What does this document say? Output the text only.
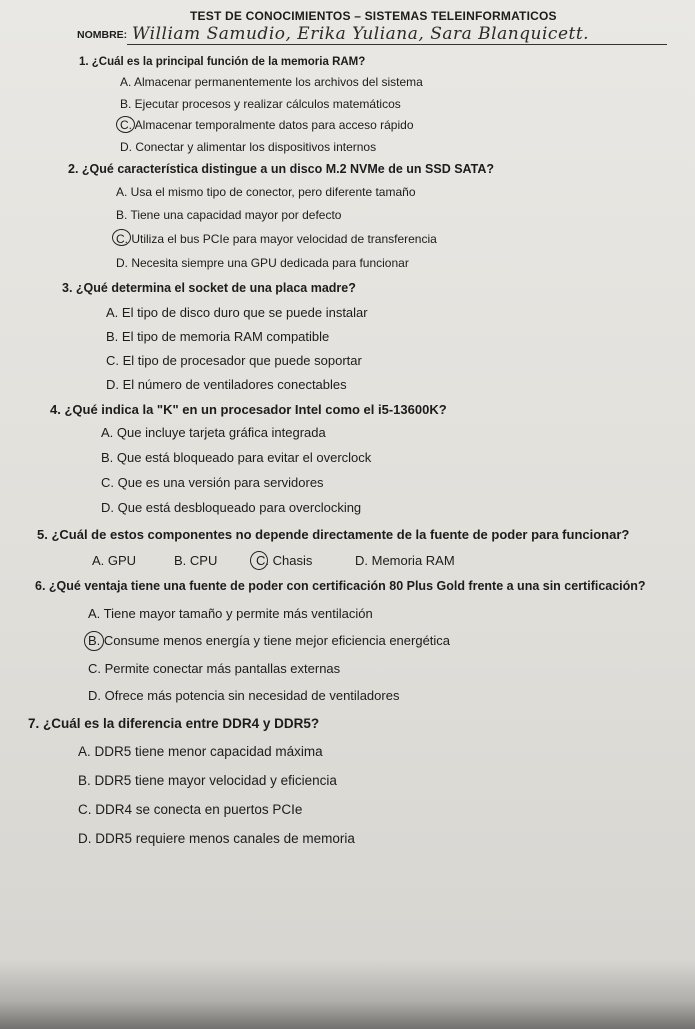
TEST DE CONOCIMIENTOS – SISTEMAS TELEINFORMATICOS
NOMBRE: William Samudio, Erika Yuliana, Sara Blanquicett.
1. ¿Cuál es la principal función de la memoria RAM?
A. Almacenar permanentemente los archivos del sistema
B. Ejecutar procesos y realizar cálculos matemáticos
C. Almacenar temporalmente datos para acceso rápido
D. Conectar y alimentar los dispositivos internos
2. ¿Qué característica distingue a un disco M.2 NVMe de un SSD SATA?
A. Usa el mismo tipo de conector, pero diferente tamaño
B. Tiene una capacidad mayor por defecto
C. Utiliza el bus PCIe para mayor velocidad de transferencia
D. Necesita siempre una GPU dedicada para funcionar
3. ¿Qué determina el socket de una placa madre?
A. El tipo de disco duro que se puede instalar
B. El tipo de memoria RAM compatible
C. El tipo de procesador que puede soportar
D. El número de ventiladores conectables
4. ¿Qué indica la "K" en un procesador Intel como el i5-13600K?
A. Que incluye tarjeta gráfica integrada
B. Que está bloqueado para evitar el overclock
C. Que es una versión para servidores
D. Que está desbloqueado para overclocking
5. ¿Cuál de estos componentes no depende directamente de la fuente de poder para funcionar?
A. GPU	B. CPU	C. Chasis	D. Memoria RAM
6. ¿Qué ventaja tiene una fuente de poder con certificación 80 Plus Gold frente a una sin certificación?
A. Tiene mayor tamaño y permite más ventilación
B. Consume menos energía y tiene mejor eficiencia energética
C. Permite conectar más pantallas externas
D. Ofrece más potencia sin necesidad de ventiladores
7. ¿Cuál es la diferencia entre DDR4 y DDR5?
A. DDR5 tiene menor capacidad máxima
B. DDR5 tiene mayor velocidad y eficiencia
C. DDR4 se conecta en puertos PCIe
D. DDR5 requiere menos canales de memoria
